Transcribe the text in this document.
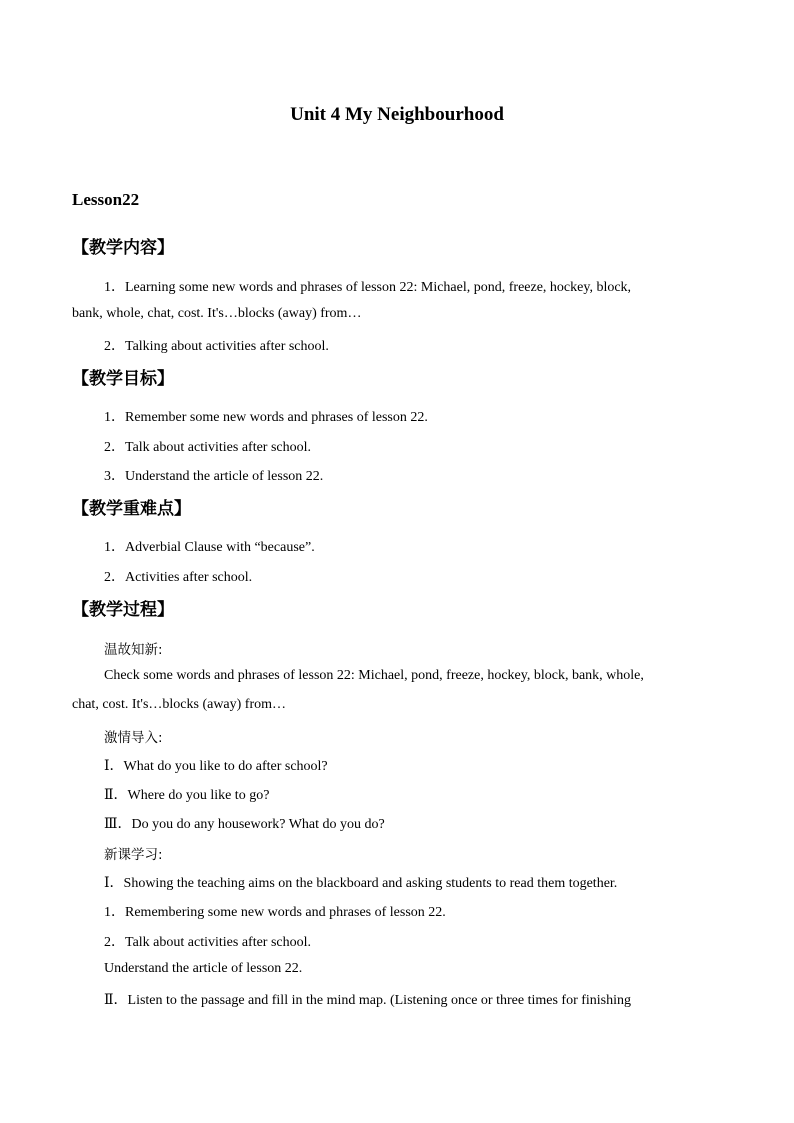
Unit 4 My Neighbourhood
Lesson22
【教学内容】
1．Learning some new words and phrases of lesson 22: Michael, pond, freeze, hockey, block,
bank, whole, chat, cost. It's…blocks (away) from…
2．Talking about activities after school.
【教学目标】
1．Remember some new words and phrases of lesson 22.
2．Talk about activities after school.
3．Understand the article of lesson 22.
【教学重难点】
1．Adverbial Clause with “because”.
2．Activities after school.
【教学过程】
温故知新:
Check some words and phrases of lesson 22: Michael, pond, freeze, hockey, block, bank, whole,
chat, cost. It's…blocks (away) from…
激情导入:
Ⅰ．What do you like to do after school?
Ⅱ．Where do you like to go?
Ⅲ．Do you do any housework? What do you do?
新课学习:
Ⅰ．Showing the teaching aims on the blackboard and asking students to read them together.
1．Remembering some new words and phrases of lesson 22.
2．Talk about activities after school.
Understand the article of lesson 22.
Ⅱ．Listen to the passage and fill in the mind map. (Listening once or three times for finishing
